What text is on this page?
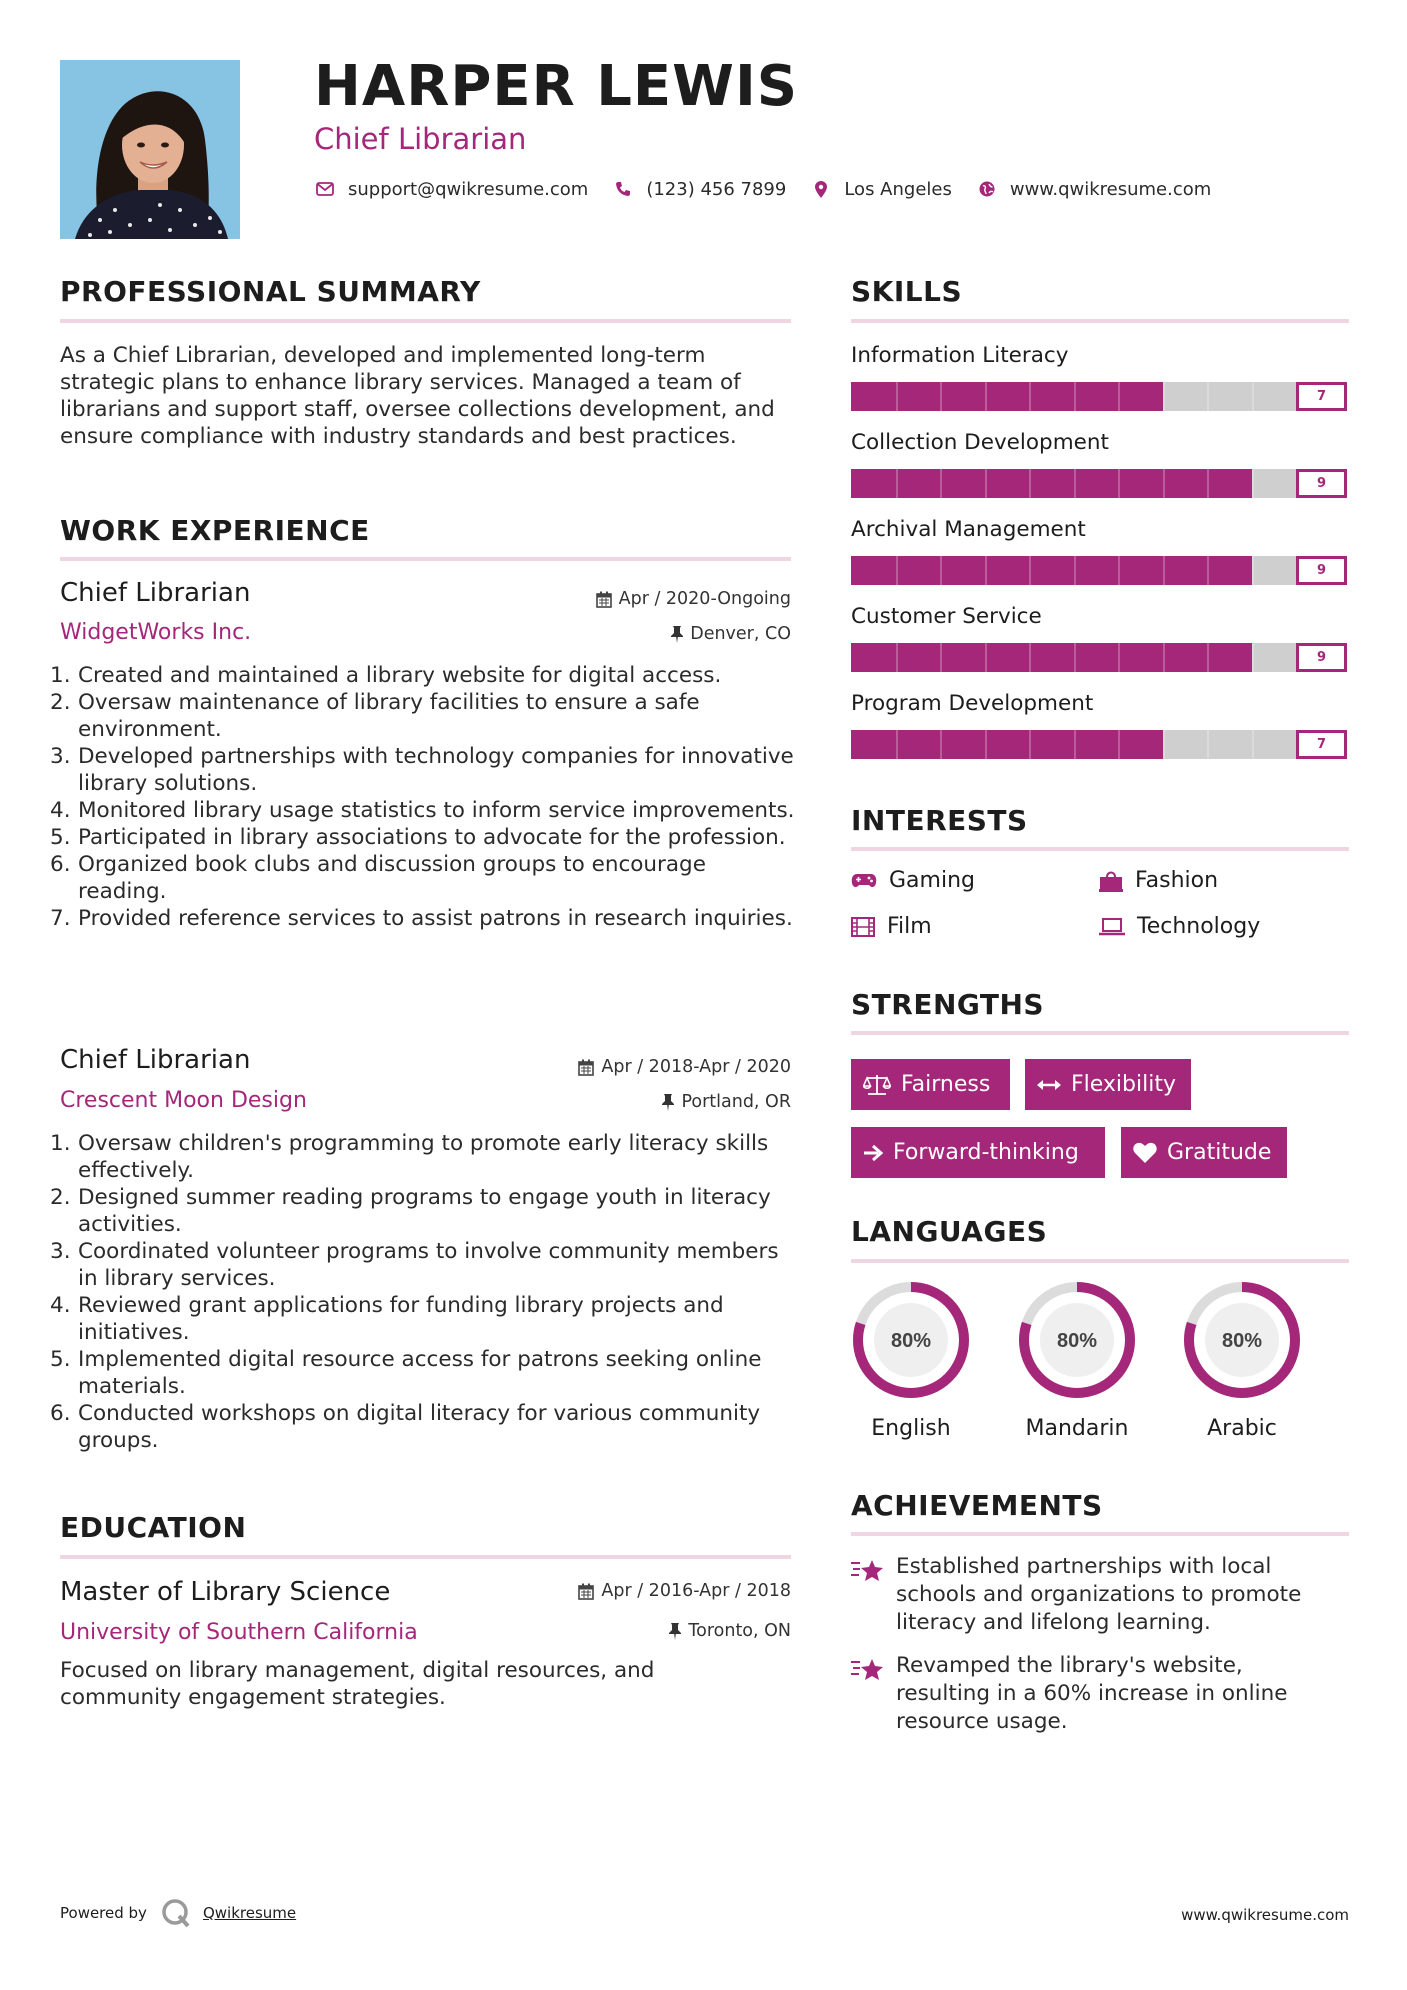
HARPER LEWIS
Chief Librarian
support@qwikresume.com	(123) 456 7899	Los Angeles	www.qwikresume.com
PROFESSIONAL SUMMARY
As a Chief Librarian, developed and implemented long-term strategic plans to enhance library services. Managed a team of librarians and support staff, oversee collections development, and ensure compliance with industry standards and best practices.
WORK EXPERIENCE
Chief Librarian	Apr / 2020-Ongoing
WidgetWorks Inc.	Denver, CO
Created and maintained a library website for digital access.
Oversaw maintenance of library facilities to ensure a safe environment.
Developed partnerships with technology companies for innovative library solutions.
Monitored library usage statistics to inform service improvements.
Participated in library associations to advocate for the profession.
Organized book clubs and discussion groups to encourage reading.
Provided reference services to assist patrons in research inquiries.
Chief Librarian	Apr / 2018-Apr / 2020
Crescent Moon Design	Portland, OR
Oversaw children's programming to promote early literacy skills effectively.
Designed summer reading programs to engage youth in literacy activities.
Coordinated volunteer programs to involve community members in library services.
Reviewed grant applications for funding library projects and initiatives.
Implemented digital resource access for patrons seeking online materials.
Conducted workshops on digital literacy for various community groups.
EDUCATION
Master of Library Science	Apr / 2016-Apr / 2018
University of Southern California	Toronto, ON
Focused on library management, digital resources, and community engagement strategies.
SKILLS
Information Literacy
7
Collection Development
9
Archival Management
9
Customer Service
9
Program Development
7
INTERESTS
Gaming	Fashion
Film	Technology
STRENGTHS
Fairness	Flexibility
Forward-thinking	Gratitude
LANGUAGES
80%
English
80%
Mandarin
80%
Arabic
ACHIEVEMENTS
Established partnerships with local schools and organizations to promote literacy and lifelong learning.
Revamped the library's website, resulting in a 60% increase in online resource usage.
Powered by	Qwikresume	www.qwikresume.com
